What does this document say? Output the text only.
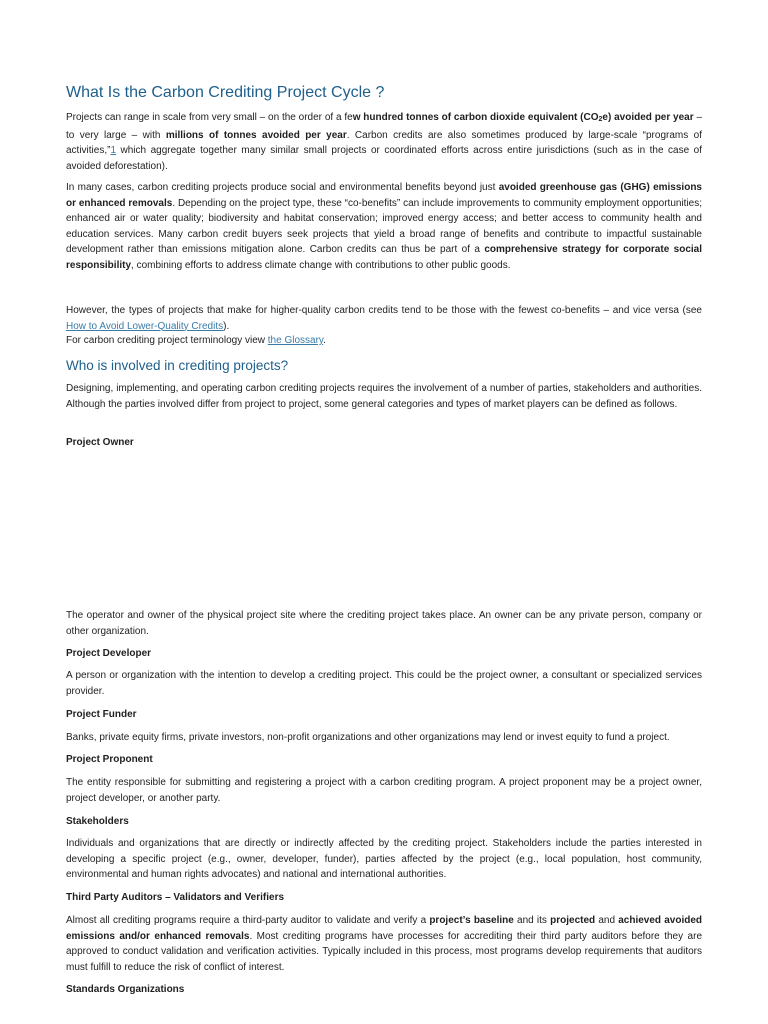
What Is the Carbon Crediting Project Cycle ?

Projects can range in scale from very small – on the order of a few hundred tonnes of carbon dioxide equivalent $(CO_2e)$ avoided per year – to very large – with millions of tonnes avoided per year. Carbon credits are also sometimes produced by large-scale “programs of activities,”1 which aggregate together many similar small projects or coordinated efforts across entire jurisdictions (such as in the case of avoided deforestation).

In many cases, carbon crediting projects produce social and environmental benefits beyond just avoided greenhouse gas (GHG) emissions or enhanced removals. Depending on the project type, these “co-benefits” can include improvements to community employment opportunities; enhanced air or water quality; biodiversity and habitat conservation; improved energy access; and better access to community health and education services. Many carbon credit buyers seek projects that yield a broad range of benefits and contribute to impactful sustainable development rather than emissions mitigation alone. Carbon credits can thus be part of a comprehensive strategy for corporate social responsibility, combining efforts to address climate change with contributions to other public goods.

However, the types of projects that make for higher-quality carbon credits tend to be those with the fewest co-benefits – and vice versa (see How to Avoid Lower-Quality Credits).

For carbon crediting project terminology view the Glossary.

Who is involved in crediting projects?

Designing, implementing, and operating carbon crediting projects requires the involvement of a number of parties, stakeholders and authorities. Although the parties involved differ from project to project, some general categories and types of market players can be defined as follows.

Project Owner

The operator and owner of the physical project site where the crediting project takes place. An owner can be any private person, company or other organization.

Project Developer

A person or organization with the intention to develop a crediting project. This could be the project owner, a consultant or specialized services provider.

Project Funder

Banks, private equity firms, private investors, non-profit organizations and other organizations may lend or invest equity to fund a project.

Project Proponent

The entity responsible for submitting and registering a project with a carbon crediting program. A project proponent may be a project owner, project developer, or another party.

Stakeholders

Individuals and organizations that are directly or indirectly affected by the crediting project. Stakeholders include the parties interested in developing a specific project (e.g., owner, developer, funder), parties affected by the project (e.g., local population, host community, environmental and human rights advocates) and national and international authorities.

Third Party Auditors – Validators and Verifiers

Almost all crediting programs require a third-party auditor to validate and verify a project’s baseline and its projected and achieved avoided emissions and/or enhanced removals. Most crediting programs have processes for accrediting their third party auditors before they are approved to conduct validation and verification activities. Typically included in this process, most programs develop requirements that auditors must fulfill to reduce the risk of conflict of interest.

Standards Organizations
